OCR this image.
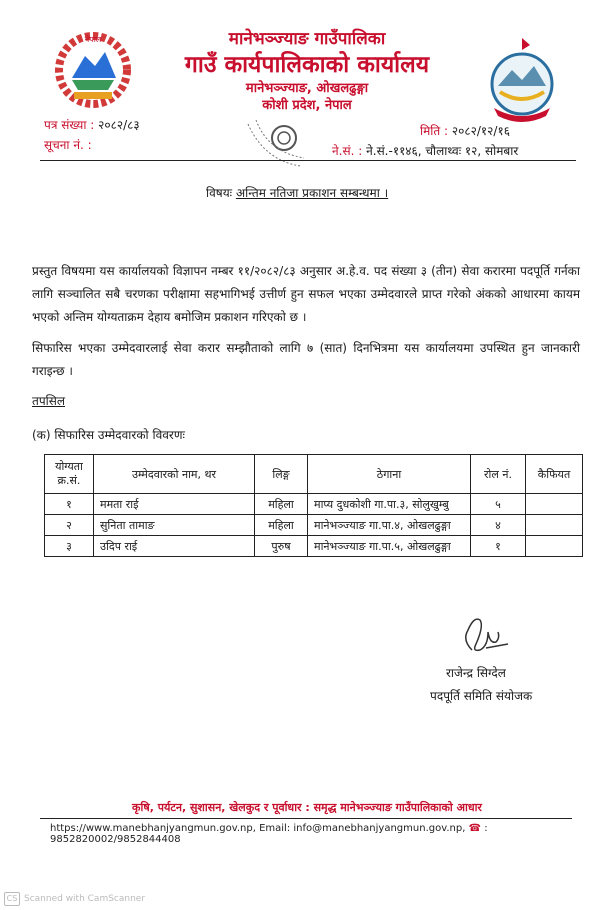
नेपाल	मानेभञ्ज्याङ गाउँपालिका
गाउँ कार्यपालिकाको कार्यालय
मानेभञ्ज्याङ, ओखलढुङ्गा
कोशी प्रदेश, नेपाल
पत्र संख्या : २०८२/८३
सूचना नं. :
मिति : २०८२/१२/१६
ने.सं. : ने.सं.-११४६, चौलाथ्वः १२, सोमबार
विषयः अन्तिम नतिजा प्रकाशन सम्बन्धमा ।
प्रस्तुत विषयमा यस कार्यालयको विज्ञापन नम्बर ११/२०८२/८३ अनुसार अ.हे.व. पद संख्या ३ (तीन) सेवा करारमा पदपूर्ति गर्नका लागि सञ्चालित सबै चरणका परीक्षामा सहभागिभई उत्तीर्ण हुन सफल भएका उम्मेदवारले प्राप्त गरेको अंकको आधारमा कायम भएको अन्तिम योग्यताक्रम देहाय बमोजिम प्रकाशन गरिएको छ ।
सिफारिस भएका उम्मेदवारलाई सेवा करार सम्झौताको लागि ७ (सात) दिनभित्रमा यस कार्यालयमा उपस्थित हुन जानकारी गराइन्छ ।
तपसिल
(क) सिफारिस उम्मेदवारको विवरणः
योग्यता क्र.सं.	उम्मेदवारको नाम, थर	लिङ्ग	ठेगाना	रोल नं.	कैफियत
१	ममता राई	महिला	माप्य दुधकोशी गा.पा.३, सोलुखुम्बु	५	
२	सुनिता तामाङ	महिला	मानेभञ्ज्याङ गा.पा.४, ओखलढुङ्गा	४	
३	उदिप राई	पुरुष	मानेभञ्ज्याङ गा.पा.५, ओखलढुङ्गा	१	
राजेन्द्र सिग्देल
पदपूर्ति समिति संयोजक
कृषि, पर्यटन, सुशासन, खेलकुद र पूर्वाधार : समृद्ध मानेभञ्ज्याङ गाउँपालिकाको आधार
https://www.manebhanjyangmun.gov.np, Email: info@manebhanjyangmun.gov.np, ☎ : 9852820002/9852844408
CS Scanned with CamScanner
